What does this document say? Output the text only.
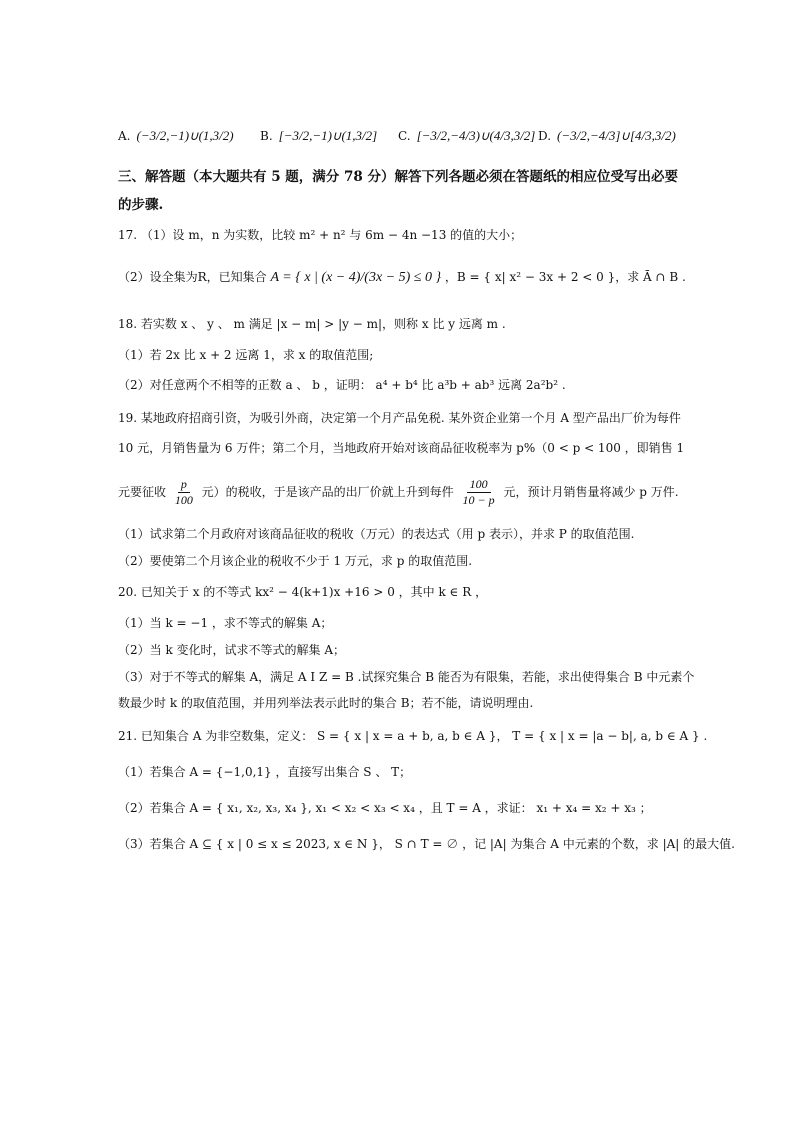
A. (−3/2,−1)∪(1,3/2) B. [−3/2,−1)∪(1,3/2] C. [−3/2,−4/3)∪(4/3,3/2] D. (−3/2,−4/3]∪[4/3,3/2)
三、解答题（本大题共有 5 题，满分 78 分）解答下列各题必须在答题纸的相应位受写出必要
的步骤.
17. （1）设 m，n 为实数，比较 m² + n² 与 6m − 4n −13 的值的大小；
（2）设全集为R，已知集合 A = { x | (x − 4)/(3x − 5) ≤ 0 } ，B = { x| x² − 3x + 2 < 0 }，求 Ā ∩ B .
18. 若实数 x 、 y 、 m 满足 |x − m| > |y − m|，则称 x 比 y 远离 m .
（1）若 2x 比 x + 2 远离 1，求 x 的取值范围;
（2）对任意两个不相等的正数 a 、 b ，证明： a⁴ + b⁴ 比 a³b + ab³ 远离 2a²b² .
19. 某地政府招商引资，为吸引外商，决定第一个月产品免税. 某外资企业第一个月 A 型产品出厂价为每件
10 元，月销售量为 6 万件；第二个月，当地政府开始对该商品征收税率为 p%（0 < p < 100 ，即销售 1
元要征收 $\frac{p}{100}$ 元）的税收，于是该产品的出厂价就上升到每件 $\frac{100}{10 - p}$ 元，预计月销售量将减少 p 万件.
（1）试求第二个月政府对该商品征收的税收（万元）的表达式（用 p 表示），并求 P 的取值范围.
（2）要使第二个月该企业的税收不少于 1 万元，求 p 的取值范围.
20. 已知关于 x 的不等式 kx² − 4(k+1)x +16 > 0 ，其中 k ∈ R ，
（1）当 k = −1 ，求不等式的解集 A；
（2）当 k 变化时，试求不等式的解集 A；
（3）对于不等式的解集 A，满足 A I Z = B .试探究集合 B 能否为有限集，若能，求出使得集合 B 中元素个
数最少时 k 的取值范围，并用列举法表示此时的集合 B；若不能，请说明理由.
21. 已知集合 A 为非空数集，定义： S = { x | x = a + b, a, b ∈ A }， T = { x | x = |a − b|, a, b ∈ A } .
（1）若集合 A = {−1,0,1} ，直接写出集合 S 、 T；
（2）若集合 A = { x₁, x₂, x₃, x₄ }, x₁ < x₂ < x₃ < x₄ ，且 T = A ，求证： x₁ + x₄ = x₂ + x₃ ；
（3）若集合 A ⊆ { x | 0 ≤ x ≤ 2023, x ∈ N }， S ∩ T = ∅ ，记 |A| 为集合 A 中元素的个数，求 |A| 的最大值.
